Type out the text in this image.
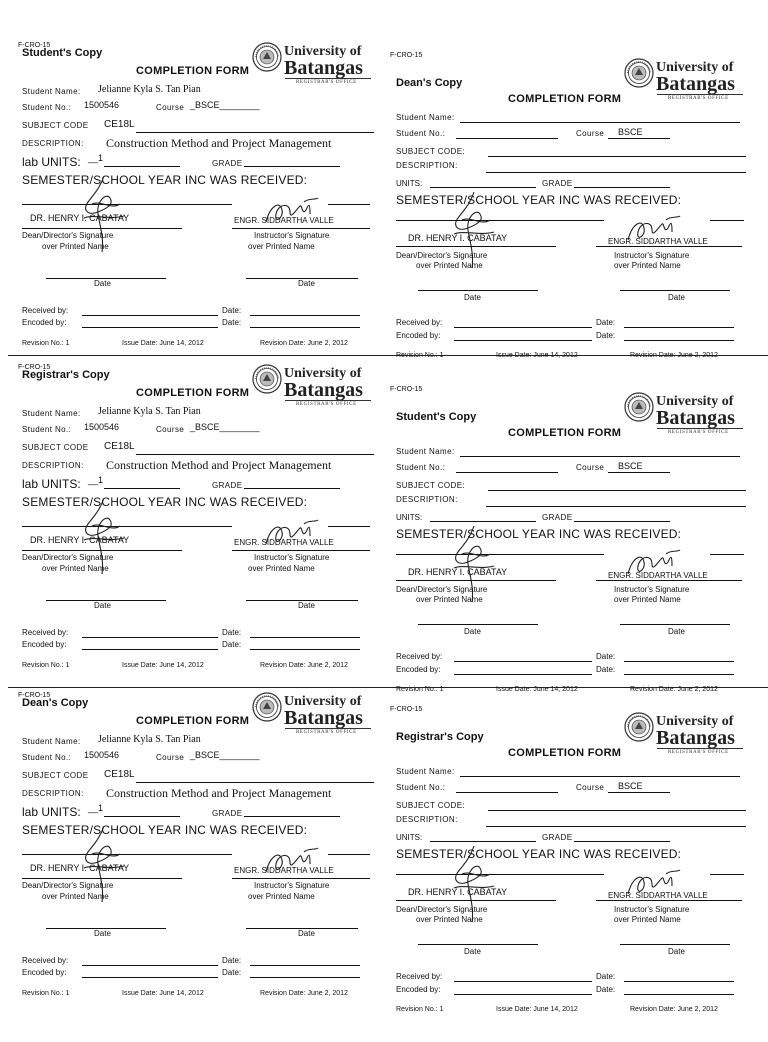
F-CRO-15
Student's Copy	University of
Batangas
REGISTRAR'S OFFICE
COMPLETION FORM
Student Name: Jelianne Kyla S. Tan Pian
Student No.: 1500546	Course _BSCE________
SUBJECT CODE CE18L
DESCRIPTION: Construction Method and Project Management
lab UNITS: __1
GRADE
SEMESTER/SCHOOL YEAR INC WAS RECEIVED:
DR. HENRY I. CABATAY	ENGR. SIDDARTHA VALLE
Dean/Director's Signature
over Printed Name
Instructor's Signature
over Printed Name
Date	Date
Received by:	Date:
Encoded by:	Date:
Revision No.: 1	Issue Date: June 14, 2012	Revision Date: June 2, 2012
F-CRO-15
Dean's Copy
University of
Batangas
REGISTRAR'S OFFICE
COMPLETION FORM
Student Name:
Student No.:	Course BSCE
SUBJECT CODE:
DESCRIPTION:
UNITS:	GRADE
SEMESTER/SCHOOL YEAR INC WAS RECEIVED:
DR. HENRY I. CABATAY	ENGR. SIDDARTHA VALLE
Dean/Director's Signature
over Printed Name
Instructor's Signature
over Printed Name
Date	Date
Received by:	Date:
Encoded by:	Date:
Revision No.: 1	Issue Date: June 14, 2012	Revision Date: June 2, 2012
F-CRO-15
Registrar's Copy	University of
Batangas
REGISTRAR'S OFFICE
COMPLETION FORM
Student Name: Jelianne Kyla S. Tan Pian
Student No.: 1500546	Course _BSCE________
SUBJECT CODE CE18L
DESCRIPTION: Construction Method and Project Management
lab UNITS: __1
GRADE
SEMESTER/SCHOOL YEAR INC WAS RECEIVED:
DR. HENRY I. CABATAY	ENGR. SIDDARTHA VALLE
Dean/Director's Signature
over Printed Name
Instructor's Signature
over Printed Name
Date	Date
Received by:	Date:
Encoded by:	Date:
Revision No.: 1	Issue Date: June 14, 2012	Revision Date: June 2, 2012
F-CRO-15
Student's Copy
University of
Batangas
REGISTRAR'S OFFICE
COMPLETION FORM
Student Name:
Student No.:	Course BSCE
SUBJECT CODE:
DESCRIPTION:
UNITS:	GRADE
SEMESTER/SCHOOL YEAR INC WAS RECEIVED:
DR. HENRY I. CABATAY	ENGR. SIDDARTHA VALLE
Dean/Director's Signature
over Printed Name
Instructor's Signature
over Printed Name
Date	Date
Received by:	Date:
Encoded by:	Date:
Revision No.: 1	Issue Date: June 14, 2012	Revision Date: June 2, 2012
F-CRO-15
Dean's Copy	University of
Batangas
REGISTRAR'S OFFICE
COMPLETION FORM
Student Name: Jelianne Kyla S. Tan Pian
Student No.: 1500546	Course _BSCE________
SUBJECT CODE CE18L
DESCRIPTION: Construction Method and Project Management
lab UNITS: __1
GRADE
SEMESTER/SCHOOL YEAR INC WAS RECEIVED:
DR. HENRY I. CABATAY	ENGR. SIDDARTHA VALLE
Dean/Director's Signature
over Printed Name
Instructor's Signature
over Printed Name
Date	Date
Received by:	Date:
Encoded by:	Date:
Revision No.: 1	Issue Date: June 14, 2012	Revision Date: June 2, 2012
F-CRO-15
Registrar's Copy
University of
Batangas
REGISTRAR'S OFFICE
COMPLETION FORM
Student Name:
Student No.:	Course BSCE
SUBJECT CODE:
DESCRIPTION:
UNITS:	GRADE
SEMESTER/SCHOOL YEAR INC WAS RECEIVED:
DR. HENRY I. CABATAY	ENGR. SIDDARTHA VALLE
Dean/Director's Signature
over Printed Name
Instructor's Signature
over Printed Name
Date	Date
Received by:	Date:
Encoded by:	Date:
Revision No.: 1	Issue Date: June 14, 2012	Revision Date: June 2, 2012
